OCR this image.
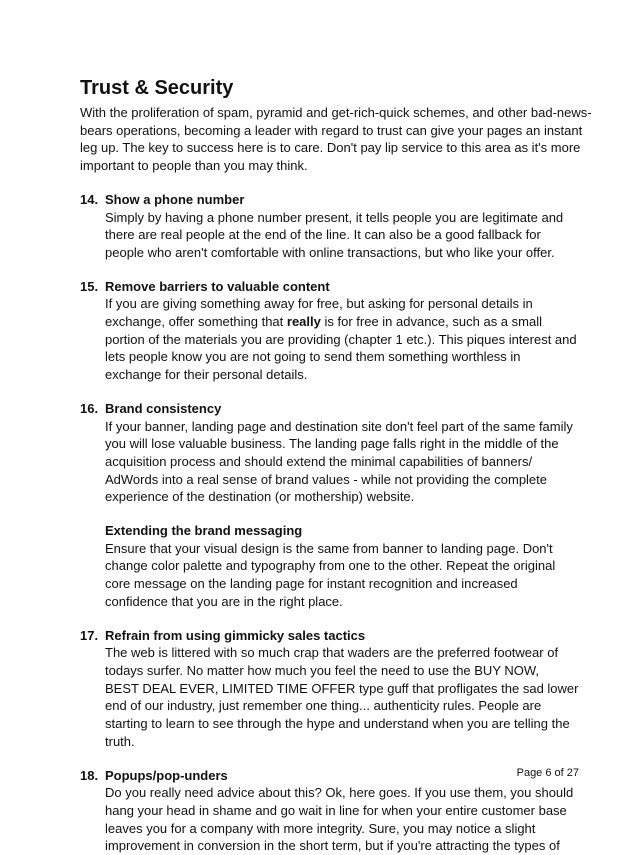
Trust & Security

With the proliferation of spam, pyramid and get-rich-quick schemes, and other bad-news-
bears operations, becoming a leader with regard to trust can give your pages an instant
leg up. The key to success here is to care. Don't pay lip service to this area as it's more
important to people than you may think.

14. Show a phone number
Simply by having a phone number present, it tells people you are legitimate and
there are real people at the end of the line. It can also be a good fallback for
people who aren't comfortable with online transactions, but who like your offer.
15. Remove barriers to valuable content
If you are giving something away for free, but asking for personal details in
exchange, offer something that really is for free in advance, such as a small
portion of the materials you are providing (chapter 1 etc.). This piques interest and
lets people know you are not going to send them something worthless in
exchange for their personal details.
16. Brand consistency
If your banner, landing page and destination site don't feel part of the same family
you will lose valuable business. The landing page falls right in the middle of the
acquisition process and should extend the minimal capabilities of banners/
AdWords into a real sense of brand values - while not providing the complete
experience of the destination (or mothership) website.
Extending the brand messaging
Ensure that your visual design is the same from banner to landing page. Don't
change color palette and typography from one to the other. Repeat the original
core message on the landing page for instant recognition and increased
confidence that you are in the right place.
17. Refrain from using gimmicky sales tactics
The web is littered with so much crap that waders are the preferred footwear of
todays surfer. No matter how much you feel the need to use the BUY NOW,
BEST DEAL EVER, LIMITED TIME OFFER type guff that profligates the sad lower
end of our industry, just remember one thing... authenticity rules. People are
starting to learn to see through the hype and understand when you are telling the
truth.
18. Popups/pop-unders
Do you really need advice about this? Ok, here goes. If you use them, you should
hang your head in shame and go wait in line for when your entire customer base
leaves you for a company with more integrity. Sure, you may notice a slight
improvement in conversion in the short term, but if you're attracting the types of
Page 6 of 27
